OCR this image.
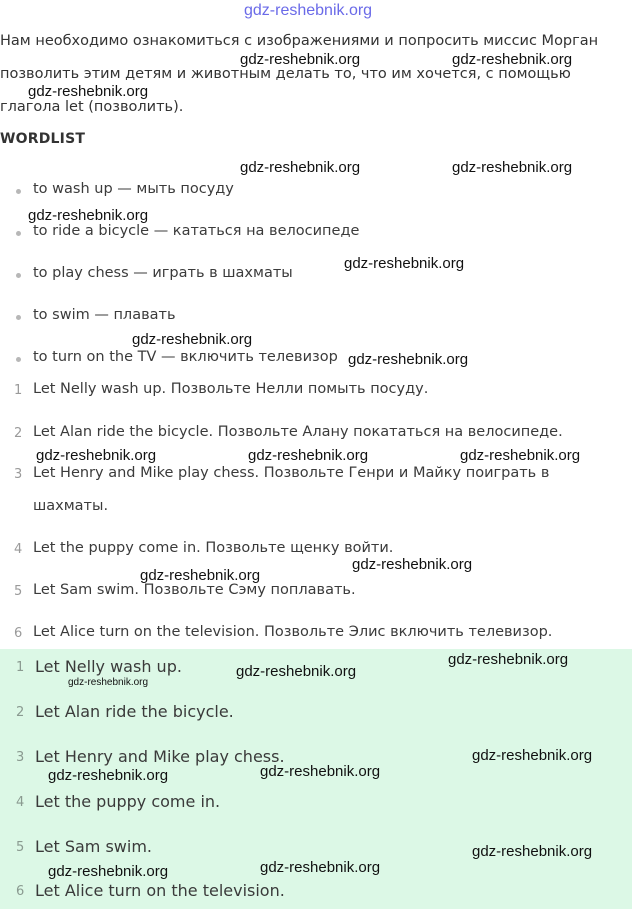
gdz-reshebnik.org
Нам необходимо ознакомиться с изображениями и попросить миссис Морган
позволить этим детям и животным делать то, что им хочется, с помощью
глагола let (позволить).
WORDLIST
to wash up — мыть посуду
to ride a bicycle — кататься на велосипеде
to play chess — играть в шахматы
to swim — плавать
to turn on the TV — включить телевизор
1 Let Nelly wash up. Позвольте Нелли помыть посуду.
2 Let Alan ride the bicycle. Позвольте Алану покататься на велосипеде.
3 Let Henry and Mike play chess. Позвольте Генри и Майку поиграть в
шахматы.
4 Let the puppy come in. Позвольте щенку войти.
5 Let Sam swim. Позвольте Сэму поплавать.
6 Let Alice turn on the television. Позвольте Элис включить телевизор.
1 Let Nelly wash up.
2 Let Alan ride the bicycle.
3 Let Henry and Mike play chess.
4 Let the puppy come in.
5 Let Sam swim.
6 Let Alice turn on the television.
gdz-reshebnik.org	gdz-reshebnik.org
gdz-reshebnik.org
gdz-reshebnik.org	gdz-reshebnik.org
gdz-reshebnik.org
gdz-reshebnik.org
gdz-reshebnik.org
gdz-reshebnik.org
gdz-reshebnik.org	gdz-reshebnik.org	gdz-reshebnik.org
gdz-reshebnik.org
gdz-reshebnik.org
gdz-reshebnik.org
gdz-reshebnik.org
gdz-reshebnik.org
gdz-reshebnik.org
gdz-reshebnik.org
gdz-reshebnik.org
gdz-reshebnik.org
gdz-reshebnik.org
gdz-reshebnik.org
